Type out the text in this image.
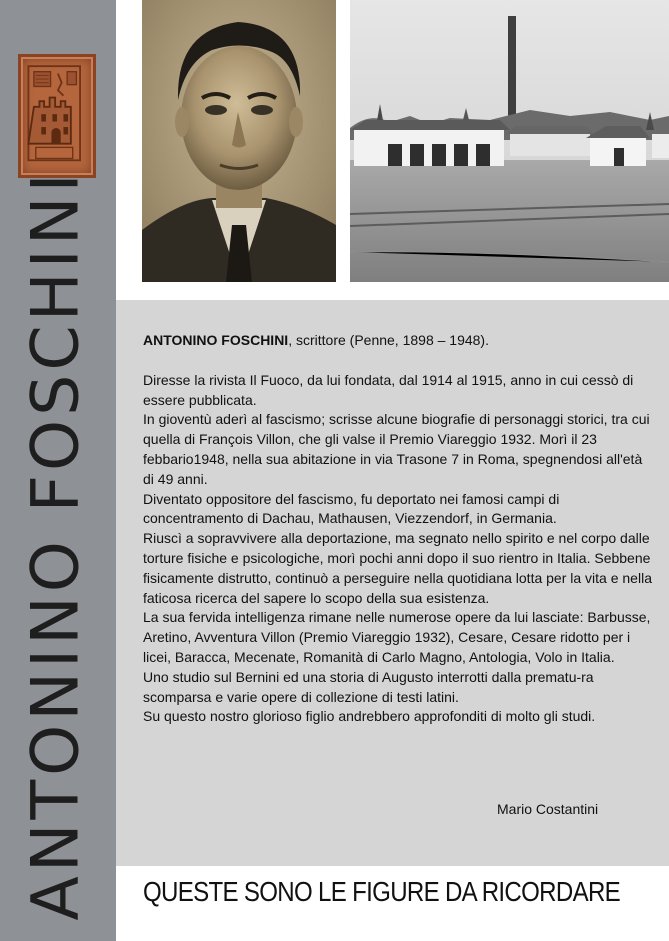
ANTONINO FOSCHINI	ANTONINO FOSCHINI, scrittore (Penne, 1898 – 1948).

Diresse la rivista Il Fuoco, da lui fondata, dal 1914 al 1915, anno in cui cessò di essere pubblicata.

In gioventù aderì al fascismo; scrisse alcune biografie di personaggi storici, tra cui quella di François Villon, che gli valse il Premio Viareggio 1932. Morì il 23 febbario1948, nella sua abitazione in via Trasone 7 in Roma, spegnendosi all'età di 49 anni.

Diventato oppositore del fascismo, fu deportato nei famosi campi di concentramento di Dachau, Mathausen, Viezzendorf, in Germania.

Riuscì a sopravvivere alla deportazione, ma segnato nello spirito e nel corpo dalle torture fisiche e psicologiche, morì pochi anni dopo il suo rientro in Italia. Sebbene fisicamente distrutto, continuò a perseguire nella quotidiana lotta per la vita e nella faticosa ricerca del sapere lo scopo della sua esistenza.

La sua fervida intelligenza rimane nelle numerose opere da lui lasciate: Barbusse, Aretino, Avventura Villon (Premio Viareggio 1932), Cesare, Cesare ridotto per i licei, Baracca, Mecenate, Romanità di Carlo Magno, Antologia, Volo in Italia.

Uno studio sul Bernini ed una storia di Augusto interrotti dalla prematu-ra scomparsa e varie opere di collezione di testi latini.

Su questo nostro glorioso figlio andrebbero approfonditi di molto gli studi.

Mario Costantini
QUESTE SONO LE FIGURE DA RICORDARE
